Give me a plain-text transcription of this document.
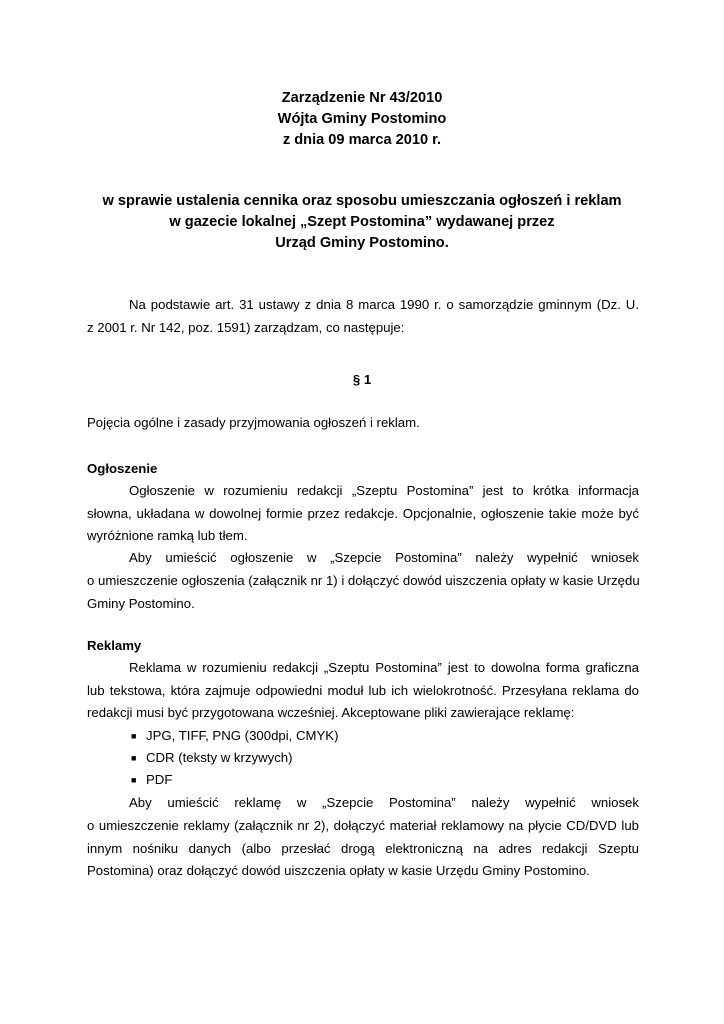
Zarządzenie Nr 43/2010
Wójta Gminy Postomino
z dnia 09 marca 2010 r.
w sprawie ustalenia cennika oraz sposobu umieszczania ogłoszeń i reklam
w gazecie lokalnej „Szept Postomina” wydawanej przez
Urząd Gminy Postomino.
Na podstawie art. 31 ustawy z dnia 8 marca 1990 r. o samorządzie gminnym (Dz. U.
z 2001 r. Nr 142, poz. 1591) zarządzam, co następuje:
§ 1
Pojęcia ogólne i zasady przyjmowania ogłoszeń i reklam.
Ogłoszenie
Ogłoszenie w rozumieniu redakcji „Szeptu Postomina” jest to krótka informacja
słowna, układana w dowolnej formie przez redakcje. Opcjonalnie, ogłoszenie takie może być
wyróżnione ramką lub tłem.
Aby umieścić ogłoszenie w „Szepcie Postomina” należy wypełnić wniosek
o umieszczenie ogłoszenia (załącznik nr 1) i dołączyć dowód uiszczenia opłaty w kasie Urzędu
Gminy Postomino.
Reklamy
Reklama w rozumieniu redakcji „Szeptu Postomina” jest to dowolna forma graficzna
lub tekstowa, która zajmuje odpowiedni moduł lub ich wielokrotność. Przesyłana reklama do
redakcji musi być przygotowana wcześniej. Akceptowane pliki zawierające reklamę:
■ JPG, TIFF, PNG (300dpi, CMYK)
■ CDR (teksty w krzywych)
■ PDF
Aby umieścić reklamę w „Szepcie Postomina” należy wypełnić wniosek
o umieszczenie reklamy (załącznik nr 2), dołączyć materiał reklamowy na płycie CD/DVD lub
innym nośniku danych (albo przesłać drogą elektroniczną na adres redakcji Szeptu
Postomina) oraz dołączyć dowód uiszczenia opłaty w kasie Urzędu Gminy Postomino.
